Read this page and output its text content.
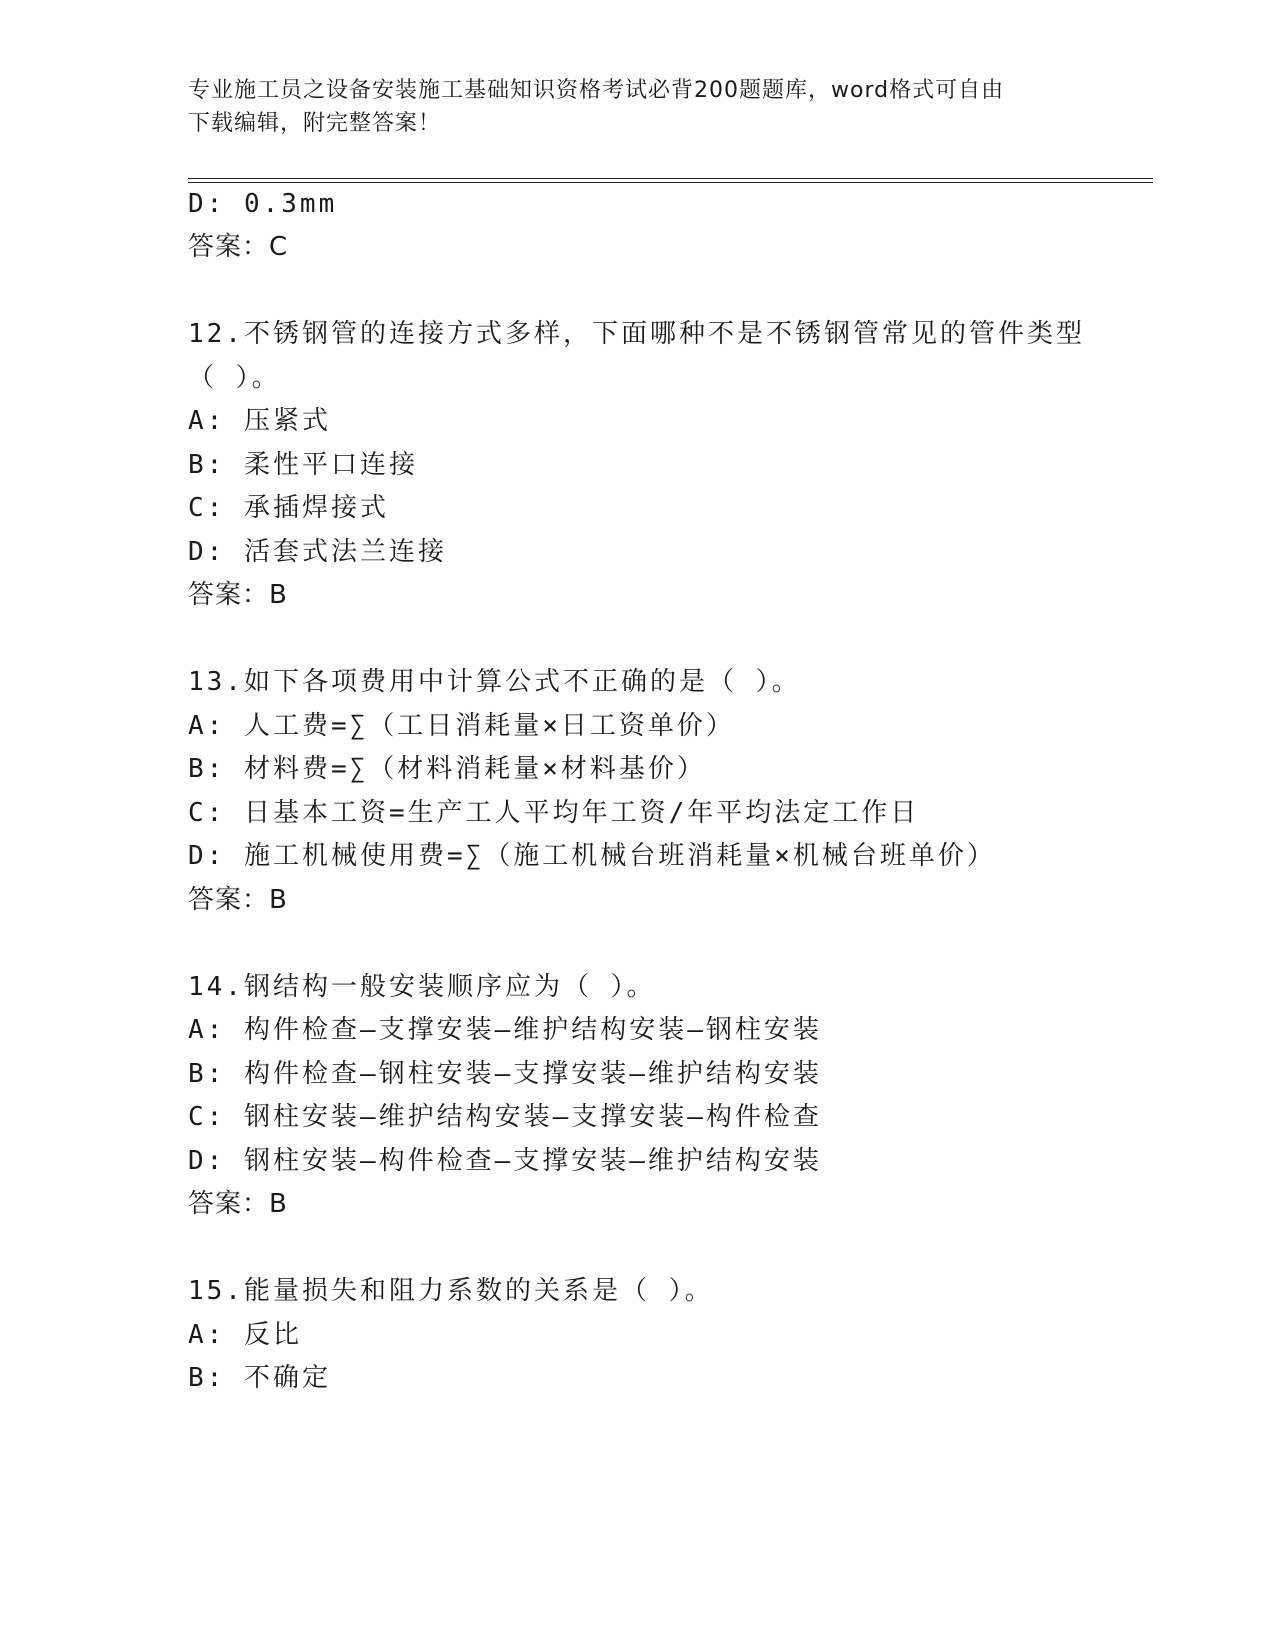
专业施工员之设备安装施工基础知识资格考试必背200题题库，word格式可自由
下载编辑，附完整答案！
D: 0.3mm
答案：C
12.不锈钢管的连接方式多样，下面哪种不是不锈钢管常见的管件类型
（ ）。
A: 压紧式
B: 柔性平口连接
C: 承插焊接式
D: 活套式法兰连接
答案：B
13.如下各项费用中计算公式不正确的是（ ）。
A: 人工费=∑（工日消耗量×日工资单价）
B: 材料费=∑（材料消耗量×材料基价）
C: 日基本工资=生产工人平均年工资/年平均法定工作日
D: 施工机械使用费=∑（施工机械台班消耗量×机械台班单价）
答案：B
14.钢结构一般安装顺序应为（ ）。
A: 构件检查—支撑安装—维护结构安装—钢柱安装
B: 构件检查—钢柱安装—支撑安装—维护结构安装
C: 钢柱安装—维护结构安装—支撑安装—构件检查
D: 钢柱安装—构件检查—支撑安装—维护结构安装
答案：B
15.能量损失和阻力系数的关系是（ ）。
A: 反比
B: 不确定
